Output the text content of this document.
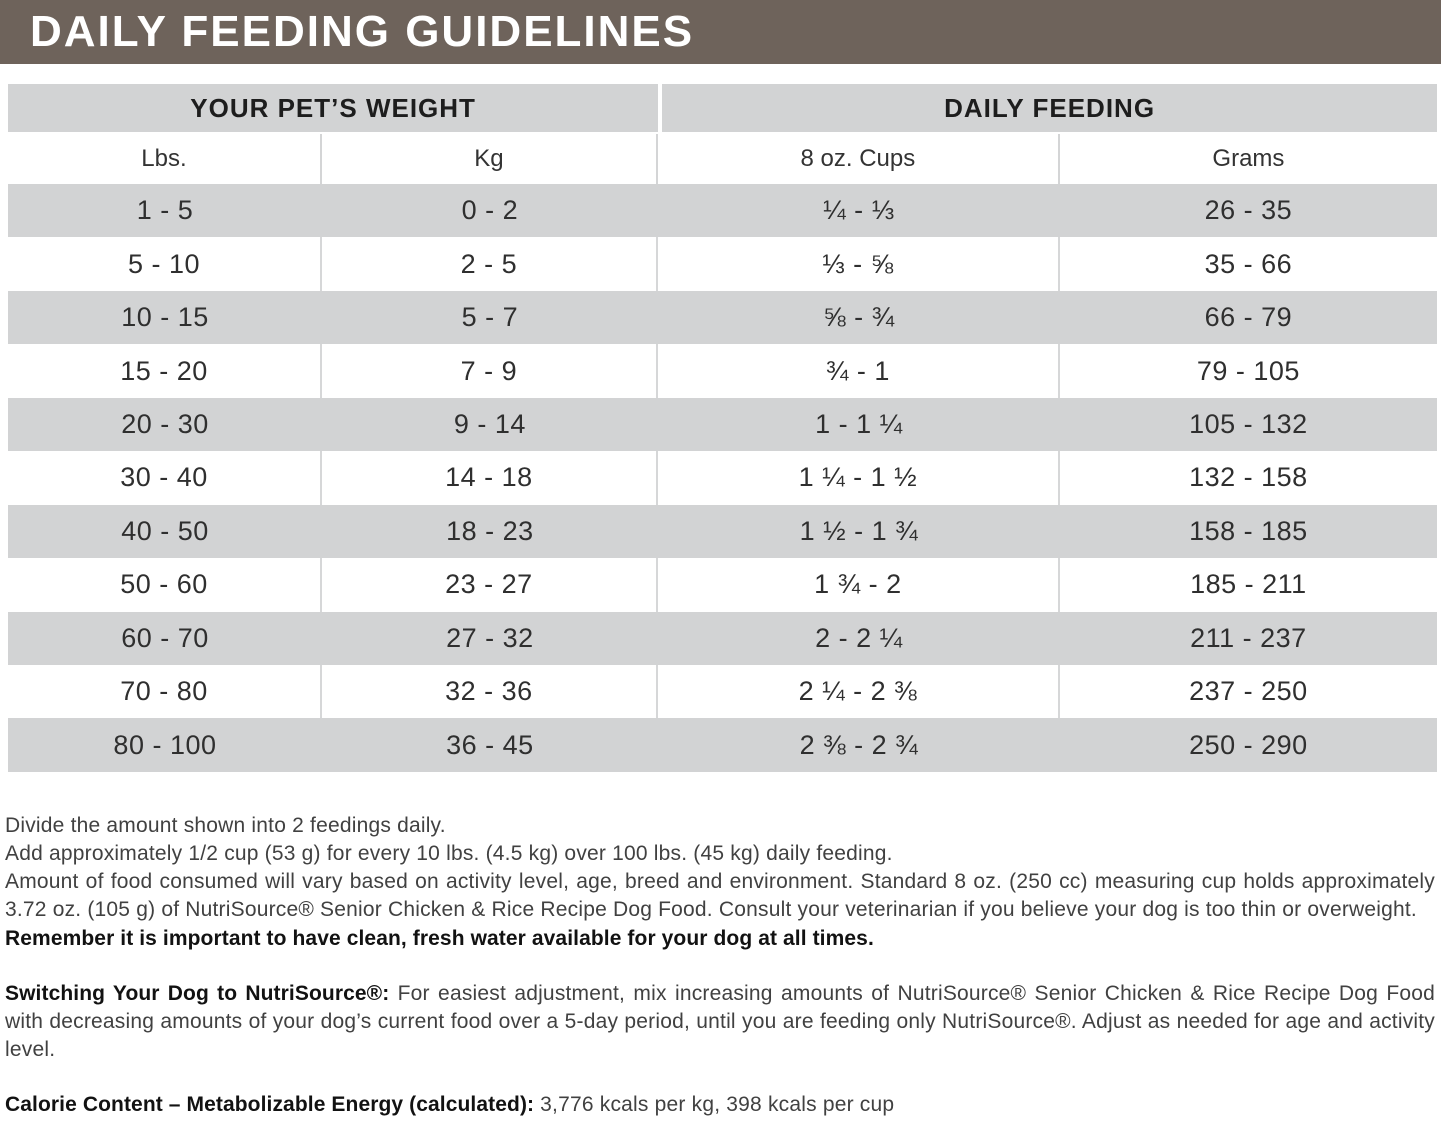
DAILY FEEDING GUIDELINES
YOUR PET’S WEIGHT	DAILY FEEDING
Lbs.	Kg	8 oz. Cups	Grams
1 - 5	0 - 2	¼ - ⅓	26 - 35
5 - 10	2 - 5	⅓ - ⅝	35 - 66
10 - 15	5 - 7	⅝ - ¾	66 - 79
15 - 20	7 - 9	¾ - 1	79 - 105
20 - 30	9 - 14	1 - 1 ¼	105 - 132
30 - 40	14 - 18	1 ¼ - 1 ½	132 - 158
40 - 50	18 - 23	1 ½ - 1 ¾	158 - 185
50 - 60	23 - 27	1 ¾ - 2	185 - 211
60 - 70	27 - 32	2 - 2 ¼	211 - 237
70 - 80	32 - 36	2 ¼ - 2 ⅜	237 - 250
80 - 100	36 - 45	2 ⅜ - 2 ¾	250 - 290
Divide the amount shown into 2 feedings daily.
Add approximately 1/2 cup (53 g) for every 10 lbs. (4.5 kg) over 100 lbs. (45 kg) daily feeding.
Amount of food consumed will vary based on activity level, age, breed and environment. Standard 8 oz. (250 cc) measuring cup holds approximately 3.72 oz. (105 g) of NutriSource® Senior Chicken & Rice Recipe Dog Food. Consult your veterinarian if you believe your dog is too thin or overweight.
Remember it is important to have clean, fresh water available for your dog at all times.
Switching Your Dog to NutriSource®: For easiest adjustment, mix increasing amounts of NutriSource® Senior Chicken & Rice Recipe Dog Food with decreasing amounts of your dog’s current food over a 5-day period, until you are feeding only NutriSource®. Adjust as needed for age and activity level.
Calorie Content – Metabolizable Energy (calculated): 3,776 kcals per kg, 398 kcals per cup
